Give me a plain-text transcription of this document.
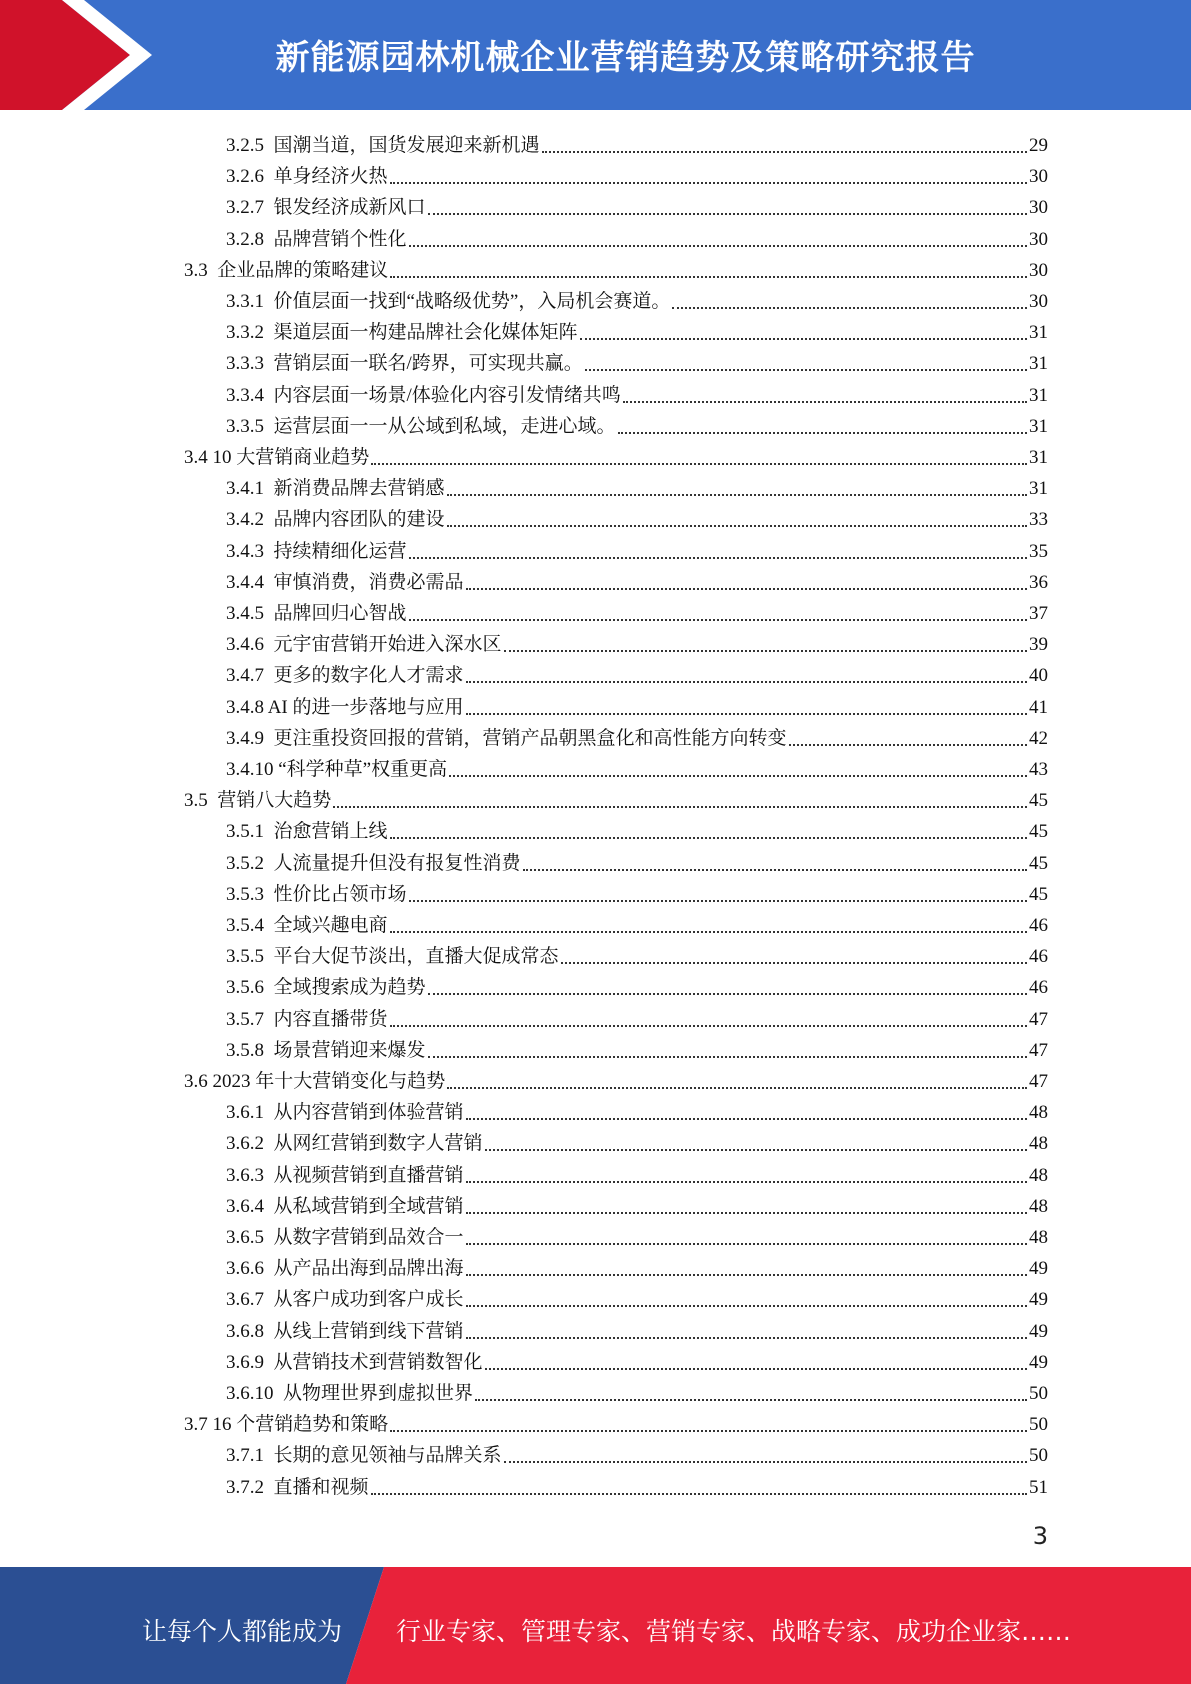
新能源园林机械企业营销趋势及策略研究报告
3.2.5  国潮当道，国货发展迎来新机遇	29
3.2.6  单身经济火热	30
3.2.7  银发经济成新风口	30
3.2.8  品牌营销个性化	30
3.3  企业品牌的策略建议	30
3.3.1  价值层面一找到“战略级优势”，入局机会赛道。	30
3.3.2  渠道层面一构建品牌社会化媒体矩阵	31
3.3.3  营销层面一联名/跨界，可实现共赢。	31
3.3.4  内容层面一场景/体验化内容引发情绪共鸣	31
3.3.5  运营层面一一从公域到私域，走进心域。	31
3.4 10 大营销商业趋势	31
3.4.1  新消费品牌去营销感	31
3.4.2  品牌内容团队的建设	33
3.4.3  持续精细化运营	35
3.4.4  审慎消费，消费必需品	36
3.4.5  品牌回归心智战	37
3.4.6  元宇宙营销开始进入深水区	39
3.4.7  更多的数字化人才需求	40
3.4.8 AI 的进一步落地与应用	41
3.4.9  更注重投资回报的营销，营销产品朝黑盒化和高性能方向转变	42
3.4.10 “科学种草”权重更高	43
3.5  营销八大趋势	45
3.5.1  治愈营销上线	45
3.5.2  人流量提升但没有报复性消费	45
3.5.3  性价比占领市场	45
3.5.4  全域兴趣电商	46
3.5.5  平台大促节淡出，直播大促成常态	46
3.5.6  全域搜索成为趋势	46
3.5.7  内容直播带货	47
3.5.8  场景营销迎来爆发	47
3.6 2023 年十大营销变化与趋势	47
3.6.1  从内容营销到体验营销	48
3.6.2  从网红营销到数字人营销	48
3.6.3  从视频营销到直播营销	48
3.6.4  从私域营销到全域营销	48
3.6.5  从数字营销到品效合一	48
3.6.6  从产品出海到品牌出海	49
3.6.7  从客户成功到客户成长	49
3.6.8  从线上营销到线下营销	49
3.6.9  从营销技术到营销数智化	49
3.6.10  从物理世界到虚拟世界	50
3.7 16 个营销趋势和策略	50
3.7.1  长期的意见领袖与品牌关系	50
3.7.2  直播和视频	51
3
让每个人都能成为 行业专家、管理专家、营销专家、战略专家、成功企业家……
